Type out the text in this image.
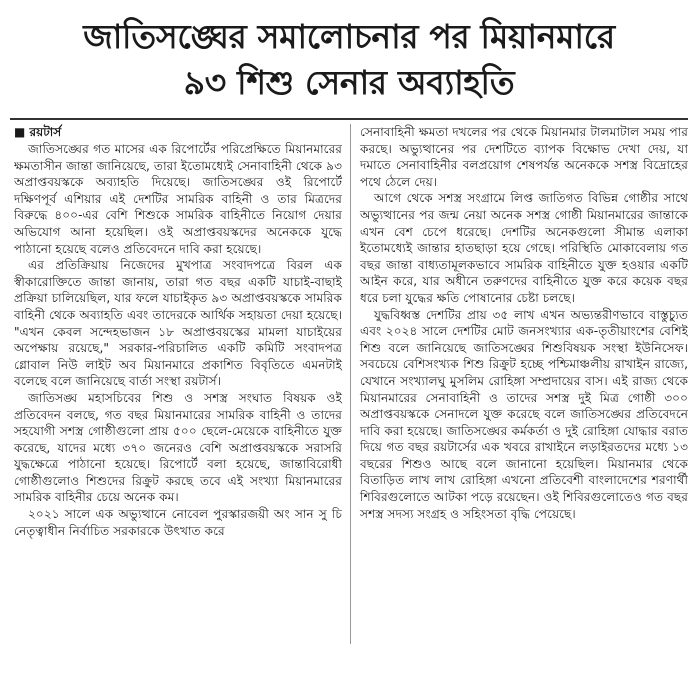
জাতিসঙ্ঘের সমালোচনার পর মিয়ানমারে
৯৩ শিশু সেনার অব্যাহতি
■ রয়টার্স

জাতিসঙ্ঘের গত মাসের এক রিপোর্টের পরিপ্রেক্ষিতে মিয়ানমারের ক্ষমতাসীন জান্তা জানিয়েছে, তারা ইতোমধ্যেই সেনাবাহিনী থেকে ৯৩ অপ্রাপ্তবয়স্ককে অব্যাহতি দিয়েছে। জাতিসঙ্ঘের ওই রিপোর্টে দক্ষিণপূর্ব এশিয়ার এই দেশটির সামরিক বাহিনী ও তার মিত্রদের বিরুদ্ধে ৪০০-এর বেশি শিশুকে সামরিক বাহিনীতে নিয়োগ দেয়ার অভিযোগ আনা হয়েছিল। ওই অপ্রাপ্তবয়স্কদের অনেককে যুদ্ধে পাঠানো হয়েছে বলেও প্রতিবেদনে দাবি করা হয়েছে।

এর প্রতিক্রিয়ায় নিজেদের মুখপাত্র সংবাদপত্রে বিরল এক স্বীকারোক্তিতে জান্তা জানায়, তারা গত বছর একটি যাচাই-বাছাই প্রক্রিয়া চালিয়েছিল, যার ফলে যাচাইকৃত ৯৩ অপ্রাপ্তবয়স্ককে সামরিক বাহিনী থেকে অব্যাহতি এবং তাদেরকে আর্থিক সহায়তা দেয়া হয়েছে। "এখন কেবল সন্দেহভাজন ১৮ অপ্রাপ্তবয়স্কের মামলা যাচাইয়ের অপেক্ষায় রয়েছে," সরকার-পরিচালিত একটি কমিটি সংবাদপত্র গ্লোবাল নিউ লাইট অব মিয়ানমারে প্রকাশিত বিবৃতিতে এমনটাই বলেছে বলে জানিয়েছে বার্তা সংস্থা রয়টার্স।

জাতিসঙ্ঘ মহাসচিবের শিশু ও সশস্ত্র সংঘাত বিষয়ক ওই প্রতিবেদন বলছে, গত বছর মিয়ানমারের সামরিক বাহিনী ও তাদের সহযোগী সশস্ত্র গোষ্ঠীগুলো প্রায় ৫০০ ছেলে-মেয়েকে বাহিনীতে যুক্ত করেছে, যাদের মধ্যে ৩৭০ জনেরও বেশি অপ্রাপ্তবয়স্ককে সরাসরি যুদ্ধক্ষেত্রে পাঠানো হয়েছে। রিপোর্টে বলা হয়েছে, জান্তাবিরোধী গোষ্ঠীগুলোও শিশুদের রিক্রুট করছে তবে এই সংখ্যা মিয়ানমারের সামরিক বাহিনীর চেয়ে অনেক কম।

২০২১ সালে এক অভ্যুত্থানে নোবেল পুরস্কারজয়ী অং সান সু চি নেতৃত্বাধীন নির্বাচিত সরকারকে উৎখাত করে

সেনাবাহিনী ক্ষমতা দখলের পর থেকে মিয়ানমার টালমাটাল সময় পার করছে। অভ্যুত্থানের পর দেশটিতে ব্যাপক বিক্ষোভ দেখা দেয়, যা দমাতে সেনাবাহিনীর বলপ্রয়োগ শেষপর্যন্ত অনেককে সশস্ত্র বিদ্রোহের পথে ঠেলে দেয়।

আগে থেকে সশস্ত্র সংগ্রামে লিপ্ত জাতিগত বিভিন্ন গোষ্ঠীর সাথে অভ্যুত্থানের পর জন্ম নেয়া অনেক সশস্ত্র গোষ্ঠী মিয়ানমারের জান্তাকে এখন বেশ চেপে ধরেছে। দেশটির অনেকগুলো সীমান্ত এলাকা ইতোমধ্যেই জান্তার হাতছাড়া হয়ে গেছে। পরিস্থিতি মোকাবেলায় গত বছর জান্তা বাধ্যতামূলকভাবে সামরিক বাহিনীতে যুক্ত হওয়ার একটি আইন করে, যার অধীনে তরুণদের বাহিনীতে যুক্ত করে কয়েক বছর ধরে চলা যুদ্ধের ক্ষতি পোষানোর চেষ্টা চলছে।

যুদ্ধবিধ্বস্ত দেশটির প্রায় ৩৫ লাখ এখন অভ্যন্তরীণভাবে বাস্তুচ্যুত এবং ২০২৪ সালে দেশটির মোট জনসংখ্যার এক-তৃতীয়াংশের বেশিই শিশু বলে জানিয়েছে জাতিসঙ্ঘের শিশুবিষয়ক সংস্থা ইউনিসেফ। সবচেয়ে বেশিসংখ্যক শিশু রিক্রুট হচ্ছে পশ্চিমাঞ্চলীয় রাখাইন রাজ্যে, যেখানে সংখ্যালঘু মুসলিম রোহিঙ্গা সম্প্রদায়ের বাস। এই রাজ্য থেকে মিয়ানমারের সেনাবাহিনী ও তাদের সশস্ত্র দুই মিত্র গোষ্ঠী ৩০০ অপ্রাপ্তবয়স্ককে সেনাদলে যুক্ত করেছে বলে জাতিসঙ্ঘের প্রতিবেদনে দাবি করা হয়েছে। জাতিসঙ্ঘের কর্মকর্তা ও দুই রোহিঙ্গা যোদ্ধার বরাত দিয়ে গত বছর রয়টার্সের এক খবরে রাখাইনে লড়াইরতদের মধ্যে ১৩ বছরের শিশুও আছে বলে জানানো হয়েছিল। মিয়ানমার থেকে বিতাড়িত লাখ লাখ রোহিঙ্গা এখনো প্রতিবেশী বাংলাদেশের শরণার্থী শিবিরগুলোতে আটকা পড়ে রয়েছেন। ওই শিবিরগুলোতেও গত বছর সশস্ত্র সদস্য সংগ্রহ ও সহিংসতা বৃদ্ধি পেয়েছে।
